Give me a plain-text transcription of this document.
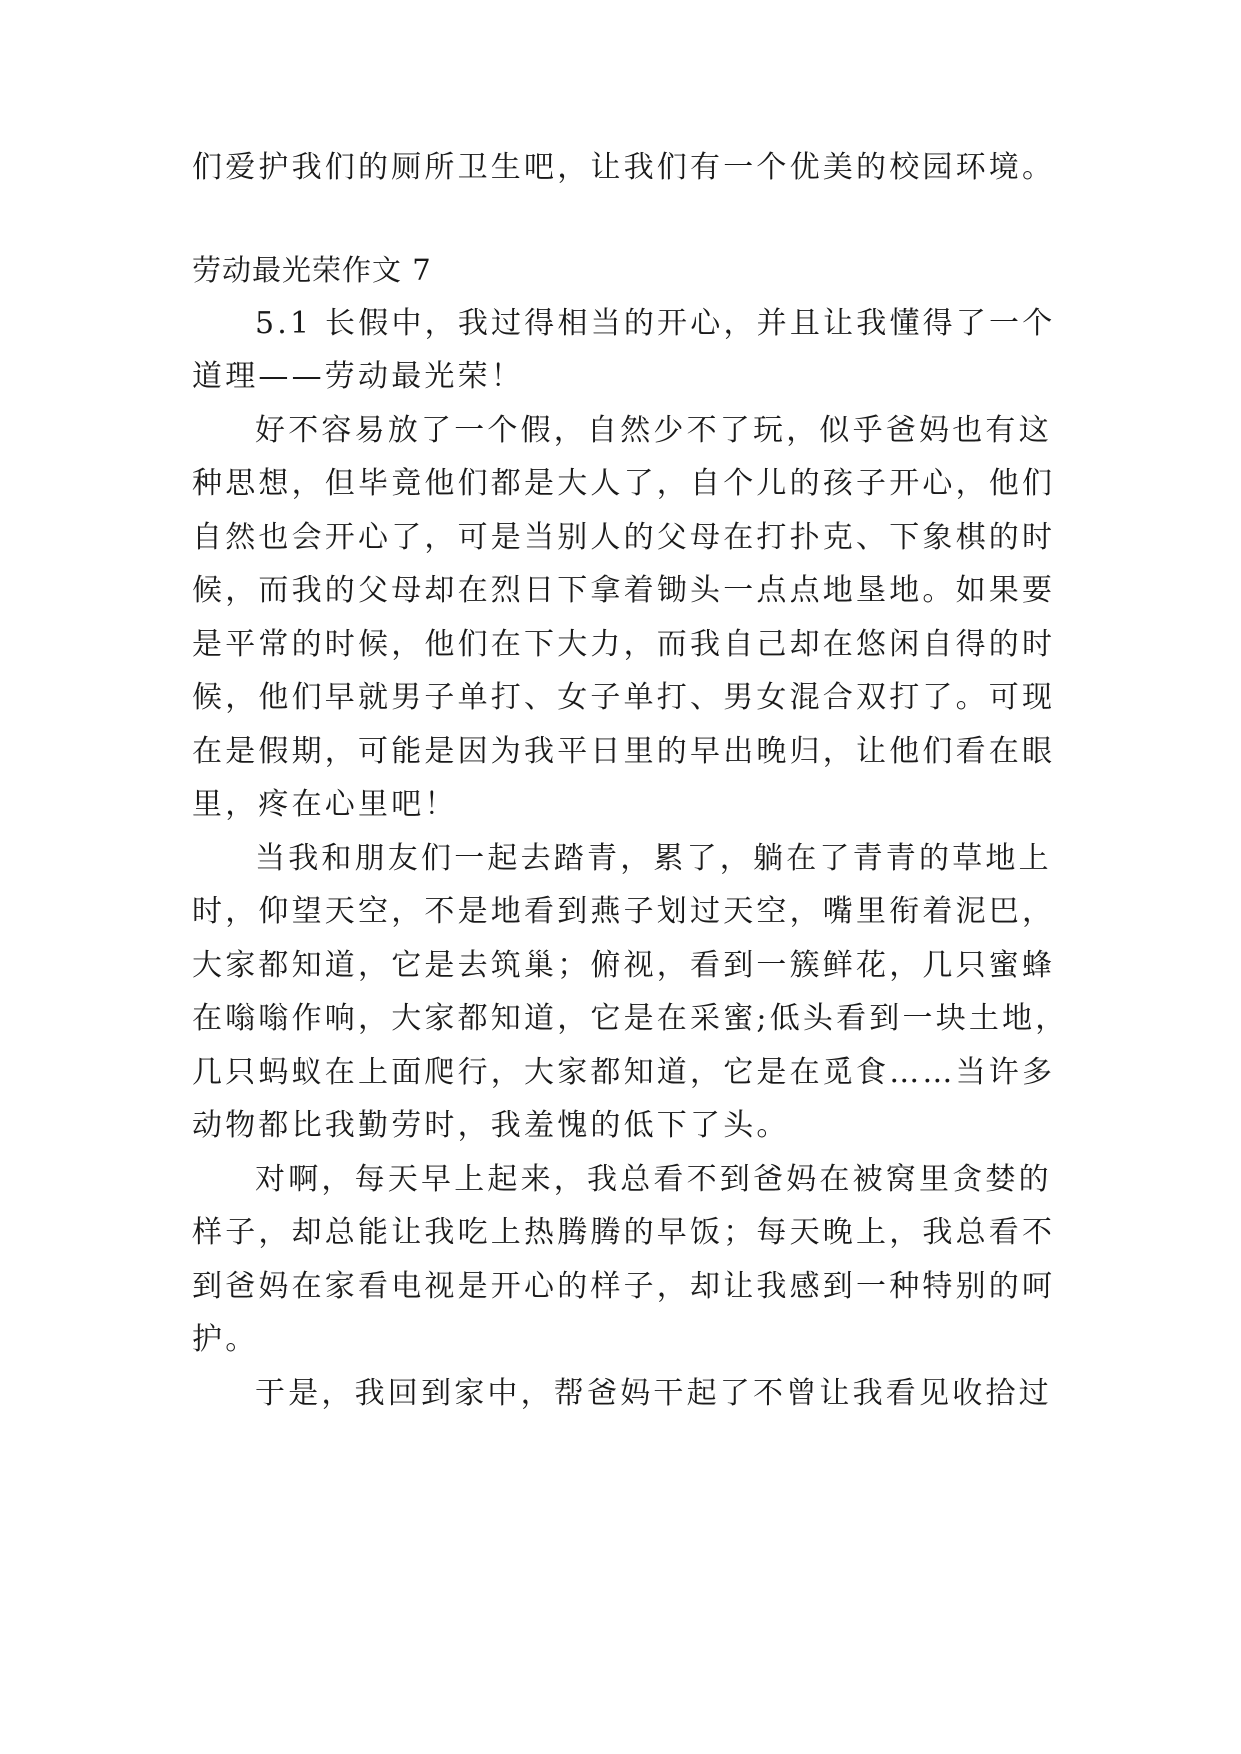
们爱护我们的厕所卫生吧，让我们有一个优美的校园环境。
劳动最光荣作文 7
5.1 长假中，我过得相当的开心，并且让我懂得了一个
道理——劳动最光荣！
好不容易放了一个假，自然少不了玩，似乎爸妈也有这
种思想，但毕竟他们都是大人了，自个儿的孩子开心，他们
自然也会开心了，可是当别人的父母在打扑克、下象棋的时
候，而我的父母却在烈日下拿着锄头一点点地垦地。如果要
是平常的时候，他们在下大力，而我自己却在悠闲自得的时
候，他们早就男子单打、女子单打、男女混合双打了。可现
在是假期，可能是因为我平日里的早出晚归，让他们看在眼
里，疼在心里吧！
当我和朋友们一起去踏青，累了，躺在了青青的草地上
时，仰望天空，不是地看到燕子划过天空，嘴里衔着泥巴，
大家都知道，它是去筑巢；俯视，看到一簇鲜花，几只蜜蜂
在嗡嗡作响，大家都知道，它是在采蜜;低头看到一块土地，
几只蚂蚁在上面爬行，大家都知道，它是在觅食……当许多
动物都比我勤劳时，我羞愧的低下了头。
对啊，每天早上起来，我总看不到爸妈在被窝里贪婪的
样子，却总能让我吃上热腾腾的早饭；每天晚上，我总看不
到爸妈在家看电视是开心的样子，却让我感到一种特别的呵
护。
于是，我回到家中，帮爸妈干起了不曾让我看见收拾过
